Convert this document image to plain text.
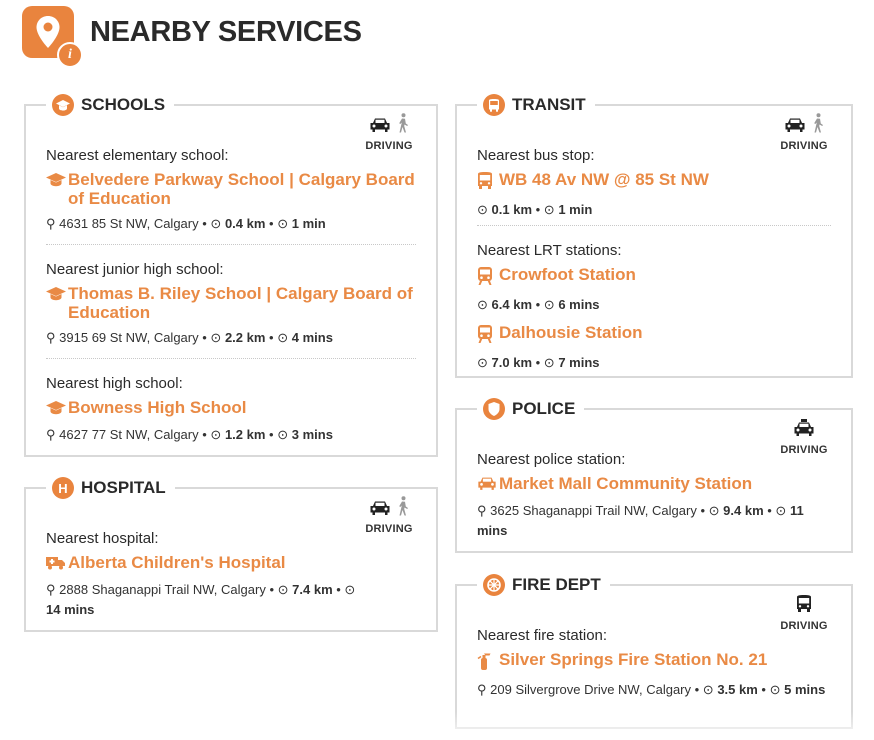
i
NEARBY SERVICES
SCHOOLS
DRIVING
Nearest elementary school:
Belvedere Parkway School | Calgary Board of Education
⚲ 4631 85 St NW, Calgary • ⊙ 0.4 km • ⊙ 1 min
Nearest junior high school:
Thomas B. Riley School | Calgary Board of Education
⚲ 3915 69 St NW, Calgary • ⊙ 2.2 km • ⊙ 4 mins
Nearest high school:
Bowness High School
⚲ 4627 77 St NW, Calgary • ⊙ 1.2 km • ⊙ 3 mins
H HOSPITAL
DRIVING
Nearest hospital:
Alberta Children's Hospital
⚲ 2888 Shaganappi Trail NW, Calgary • ⊙ 7.4 km • ⊙ 14 mins
TRANSIT
DRIVING
Nearest bus stop:
WB 48 Av NW @ 85 St NW
⊙ 0.1 km • ⊙ 1 min
Nearest LRT stations:
Crowfoot Station
⊙ 6.4 km • ⊙ 6 mins
Dalhousie Station
⊙ 7.0 km • ⊙ 7 mins
POLICE
DRIVING
Nearest police station:
Market Mall Community Station
⚲ 3625 Shaganappi Trail NW, Calgary • ⊙ 9.4 km • ⊙ 11 mins
FIRE DEPT
DRIVING
Nearest fire station:
Silver Springs Fire Station No. 21
⚲ 209 Silvergrove Drive NW, Calgary • ⊙ 3.5 km • ⊙ 5 mins
